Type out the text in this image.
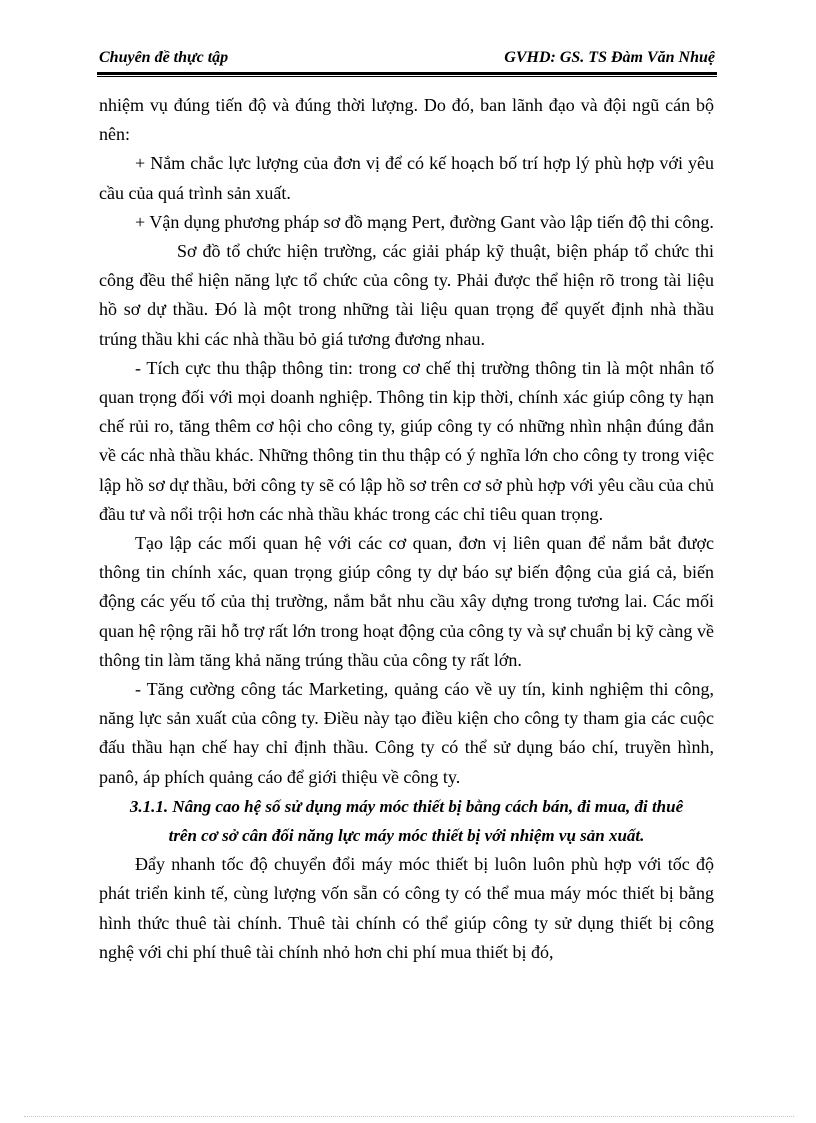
Chuyên đề thực tập	GVHD: GS. TS Đàm Văn Nhuệ

nhiệm vụ đúng tiến độ và đúng thời lượng. Do đó, ban lãnh đạo và đội ngũ cán bộ nên:

+ Nắm chắc lực lượng của đơn vị để có kế hoạch bố trí hợp lý phù hợp với yêu cầu của quá trình sản xuất.

+ Vận dụng phương pháp sơ đồ mạng Pert, đường Gant vào lập tiến độ thi công.

Sơ đồ tổ chức hiện trường, các giải pháp kỹ thuật, biện pháp tổ chức thi công đều thể hiện năng lực tổ chức của công ty. Phải được thể hiện rõ trong tài liệu hồ sơ dự thầu. Đó là một trong những tài liệu quan trọng để quyết định nhà thầu trúng thầu khi các nhà thầu bỏ giá tương đương nhau.

- Tích cực thu thập thông tin: trong cơ chế thị trường thông tin là một nhân tố quan trọng đối với mọi doanh nghiệp. Thông tin kịp thời, chính xác giúp công ty hạn chế rủi ro, tăng thêm cơ hội cho công ty, giúp công ty có những nhìn nhận đúng đắn về các nhà thầu khác. Những thông tin thu thập có ý nghĩa lớn cho công ty trong việc lập hồ sơ dự thầu, bởi công ty sẽ có lập hồ sơ trên cơ sở phù hợp với yêu cầu của chủ đầu tư và nổi trội hơn các nhà thầu khác trong các chỉ tiêu quan trọng.

Tạo lập các mối quan hệ với các cơ quan, đơn vị liên quan để nắm bắt được thông tin chính xác, quan trọng giúp công ty dự báo sự biến động của giá cả, biến động các yếu tố của thị trường, nắm bắt nhu cầu xây dựng trong tương lai. Các mối quan hệ rộng rãi hỗ trợ rất lớn trong hoạt động của công ty và sự chuẩn bị kỹ càng về thông tin làm tăng khả năng trúng thầu của công ty rất lớn.

- Tăng cường công tác Marketing, quảng cáo về uy tín, kinh nghiệm thi công, năng lực sản xuất của công ty. Điều này tạo điều kiện cho công ty tham gia các cuộc đấu thầu hạn chế hay chỉ định thầu. Công ty có thể sử dụng báo chí, truyền hình, panô, áp phích quảng cáo để giới thiệu về công ty.

3.1.1. Nâng cao hệ số sử dụng máy móc thiết bị bằng cách bán, đi mua, đi thuê

trên cơ sở cân đối năng lực máy móc thiết bị với nhiệm vụ sản xuất.

Đẩy nhanh tốc độ chuyển đổi máy móc thiết bị luôn luôn phù hợp với tốc độ phát triển kinh tế, cùng lượng vốn sẵn có công ty có thể mua máy móc thiết bị bằng hình thức thuê tài chính. Thuê tài chính có thể giúp công ty sử dụng thiết bị công nghệ với chi phí thuê tài chính nhỏ hơn chi phí mua thiết bị đó,
